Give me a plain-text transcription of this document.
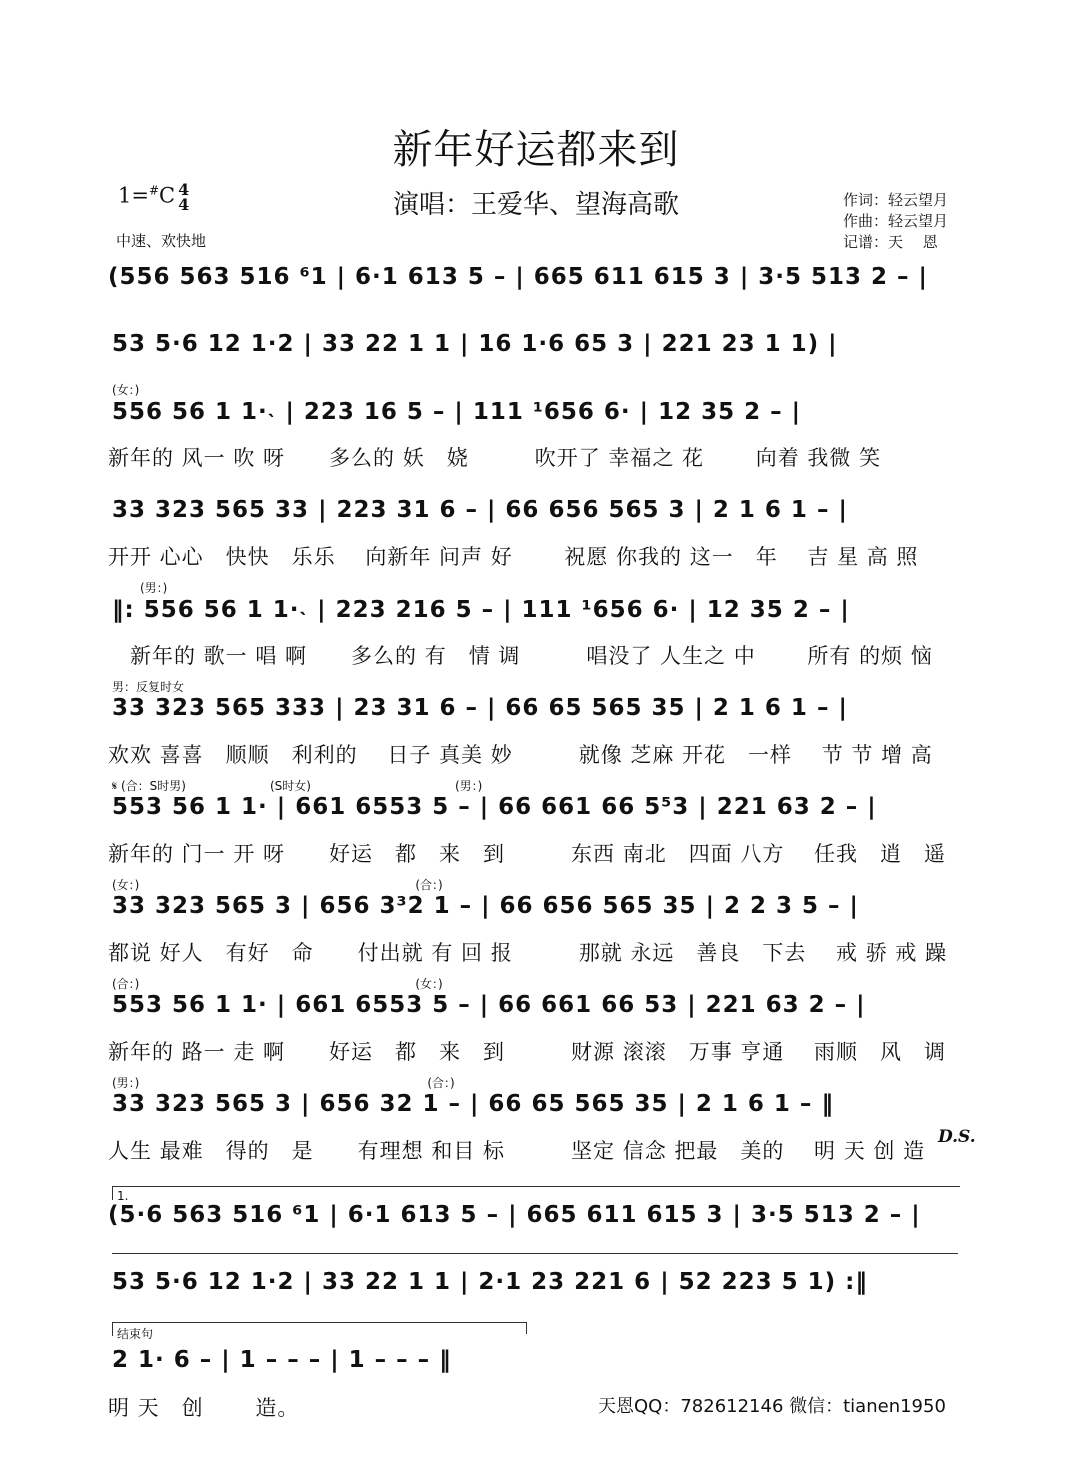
新年好运都来到
演唱：王爱华、望海高歌
1=#C 4
4
中速、欢快地
作词：轻云望月
作曲：轻云望月
记谱：天　 恩
(556 563 516 ⁶1 | 6·1 613 5 – | 665 611 615 3 | 3·5 513 2 – |
53 5·6 12 1·2 | 33 22 1 1 | 16 1·6 65 3 | 221 23 1 1) |
(女：)
556 56 1 1·˴ | 223 16 5 – | 111 ¹656 6· | 12 35 2 – |
新年的 风一 吹 呀　　多么的 妖　娆　　　吹开了 幸福之 花　　 向着 我微 笑
33 323 565 33 | 223 31 6 – | 66 656 565 3 | 2 1 6 1 – |
开开 心心　快快　乐乐　 向新年 问声 好　　 祝愿 你我的 这一　年　 吉 星 高 照
(男：)
‖: 556 56 1 1·˴ | 223 216 5 – | 111 ¹656 6· | 12 35 2 – |
　新年的 歌一 唱 啊　　多么的 有　情 调　　　唱没了 人生之 中　　 所有 的烦 恼
男：反复时女
33 323 565 333 | 23 31 6 – | 66 65 565 35 | 2 1 6 1 – |
欢欢 喜喜　顺顺　利利的　 日子 真美 妙　　　就像 芝麻 开花　一样　 节 节 增 高
𝄋 (合：S时男)　　　　　　　(S时女)　　　　　　　　　　　　(男：)
553 56 1 1· | 661 6553 5 – | 66 661 66 5⁵3 | 221 63 2 – |
新年的 门一 开 呀　　好运　都　来　到　　　东西 南北　四面 八方　 任我　逍　遥
(女：)　　　　　　　　　　　　　　　　　　　　　　　(合：)
33 323 565 3 | 656 3³2 1 – | 66 656 565 35 | 2 2 3 5 – |
都说 好人　有好　命　　付出就 有 回 报　　　那就 永远　善良　下去　 戒 骄 戒 躁
(合：)　　　　　　　　　　　　　　　　　　　　　　　(女：)
553 56 1 1· | 661 6553 5 – | 66 661 66 53 | 221 63 2 – |
新年的 路一 走 啊　　好运　都　来　到　　　财源 滚滚　万事 亨通　 雨顺　风　调
(男：)　　　　　　　　　　　　　　　　　　　　　　　　(合：)
33 323 565 3 | 656 32 1 – | 66 65 565 35 | 2 1 6 1 – ‖
人生 最难　得的　是　　有理想 和目 标　　　坚定 信念 把最　美的　 明 天 创 造
D.S.
1.
(5·6 563 516 ⁶1 | 6·1 613 5 – | 665 611 615 3 | 3·5 513 2 – |
53 5·6 12 1·2 | 33 22 1 1 | 2·1 23 221 6 | 52 223 5 1) :‖
结束句
2 1· 6 – | 1 – – – | 1 – – – ‖
明 天　创　　 造。	天恩QQ：782612146 微信：tianen1950
